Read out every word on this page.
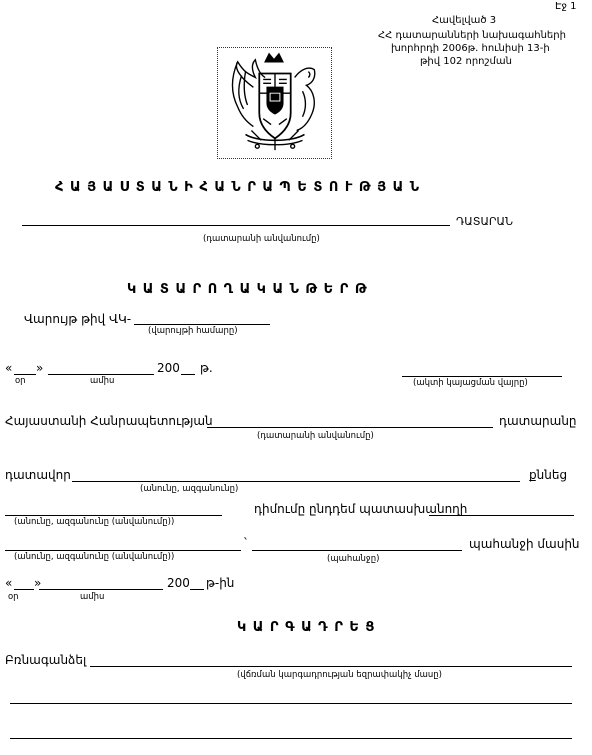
Էջ 1
Հավելված 3
ՀՀ դատարանների նախագահների
խորհրդի 2006թ. հունիսի 13-ի
թիվ 102 որոշման
Հ Ա Յ Ա Ս Տ Ա Ն Ի Հ Ա Ն Ր Ա Պ Ե Տ Ո Ւ Թ Յ Ա Ն
ԴԱՏԱՐԱՆ
(դատարանի անվանումը)
Կ Ա Տ Ա Ր Ո Ղ Ա Կ Ա Ն Թ Ե Ր Թ
Վարույթ թիվ ՎԿ-
(վարույթի համարը)
« »	200 թ.
օր	ամիս	(ակտի կայացման վայրը)
Հայաստանի Հանրապետության	դատարանը
(դատարանի անվանումը)
դատավոր	քննեց
(անունը, ազգանունը)
դիմումը ընդդեմ պատասխանողի
(անունը, ազգանունը (անվանումը))
`	պահանջի մասին
(անունը, ազգանունը (անվանումը))	(պահանջը)
« »	200 թ-ին
օր	ամիս
Կ Ա Ր Գ Ա Դ Ր Ե Ց
Բռնագանձել
(վճռման կարգադրության եզրափակիչ մասը)
